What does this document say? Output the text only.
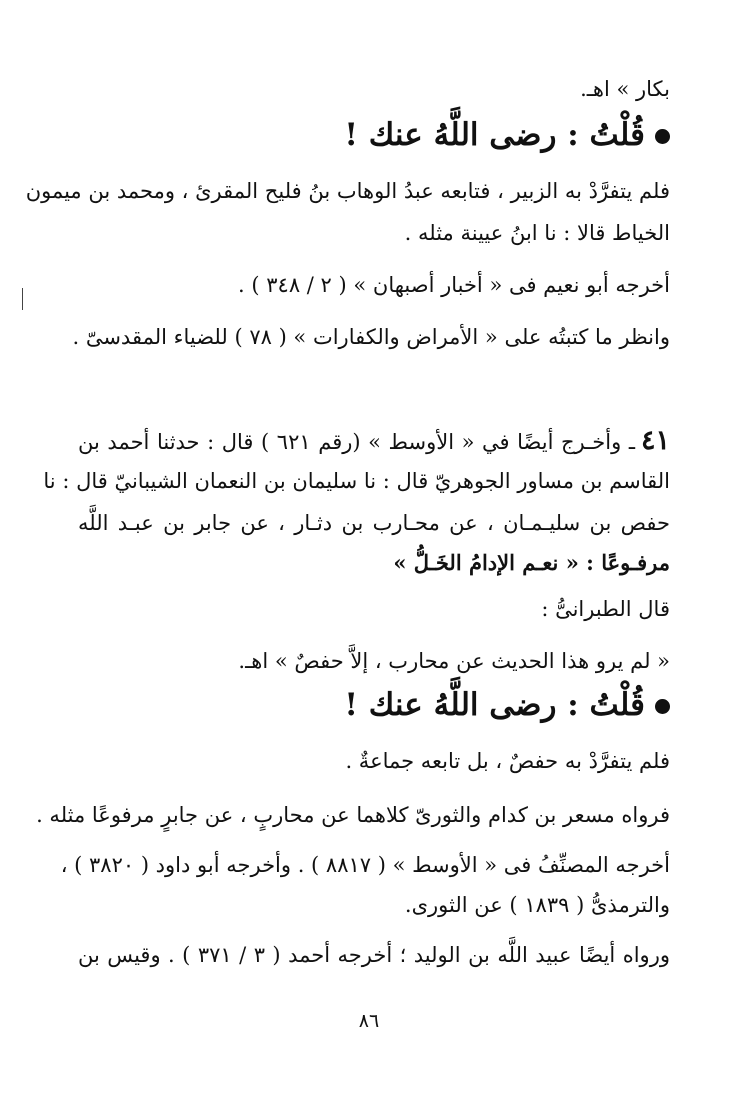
بكار » اهـ.
قُلْتُ : رضى اللَّهُ عنك !
فلم يتفرَّدْ به الزبير ، فتابعه عبدُ الوهاب بنُ فليح المقرئ ، ومحمد بن ميمون
الخياط قالا : نا ابنُ عيينة مثله .
أخرجه أبو نعيم فى « أخبار أصبهان » ( ٢ / ٣٤٨ ) .
وانظر ما كتبتُه على « الأمراض والكفارات » ( ٧٨ ) للضياء المقدسىّ .
٤١ـ وأخـرج أيضًا في « الأوسط » (رقم ٦٢١ ) قال : حدثنا أحمد بن
القاسم بن مساور الجوهريّ قال : نا سليمان بن النعمان الشيبانيّ قال : نا
حفص بن سليـمـان ، عن محـارب بن دثـار ، عن جابر بن عبـد اللَّه
مرفـوعًا : « نعـم الإدامُ الخَـلُّ »
قال الطبرانىُّ :
« لم يرو هذا الحديث عن محارب ، إلاَّ حفصٌ » اهـ.
قُلْتُ : رضى اللَّهُ عنك !
فلم يتفرَّدْ به حفصٌ ، بل تابعه جماعةٌ .
فرواه مسعر بن كدام والثورىّ كلاهما عن محاربٍ ، عن جابرٍ مرفوعًا مثله .
أخرجه المصنِّفُ فى « الأوسط » ( ٨٨١٧ ) . وأخرجه أبو داود ( ٣٨٢٠ ) ،
والترمذىُّ ( ١٨٣٩ ) عن الثورى.
ورواه أيضًا عبيد اللَّه بن الوليد ؛ أخرجه أحمد ( ٣ / ٣٧١ ) . وقيس بن
٨٦
